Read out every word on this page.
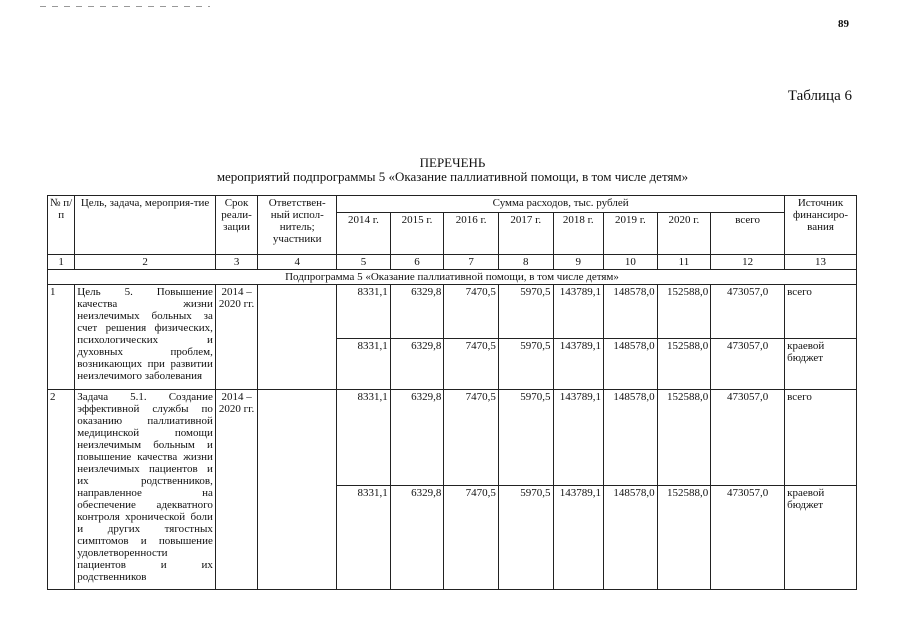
89
Таблица 6
ПЕРЕЧЕНЬ
мероприятий подпрограммы 5 «Оказание паллиативной помощи, в том числе детям»
№ п/п	Цель, задача, мероприя-тие	Срок реали-зации	Ответствен-ный испол-нитель; участники	Сумма расходов, тыс. рублей								Источник финансиро-вания
				2014 г.	2015 г.	2016 г.	2017 г.	2018 г.	2019 г.	2020 г.	всего	
1	2	3	4	5	6	7	8	9	10	11	12	13
Подпрограмма 5 «Оказание паллиативной помощи, в том числе детям»												
1	Цель 5. Повышение качества жизни неизлечимых больных за счет решения физических, психологических и духовных проблем, возникающих при развитии неизлечимого заболевания	2014 – 2020 гг.		8331,1	6329,8	7470,5	5970,5	143789,1	148578,0	152588,0	473057,0	всего
				8331,1	6329,8	7470,5	5970,5	143789,1	148578,0	152588,0	473057,0	краевой бюджет
2	Задача 5.1. Создание эффективной службы по оказанию паллиативной медицинской помощи неизлечимым больным и повышение качества жизни неизлечимых пациентов и их родственников, направленное на обеспечение адекватного контроля хронической боли и других тягостных симптомов и повышение удовлетворенности пациентов и их родственников	2014 – 2020 гг.		8331,1	6329,8	7470,5	5970,5	143789,1	148578,0	152588,0	473057,0	всего
				8331,1	6329,8	7470,5	5970,5	143789,1	148578,0	152588,0	473057,0	краевой бюджет
